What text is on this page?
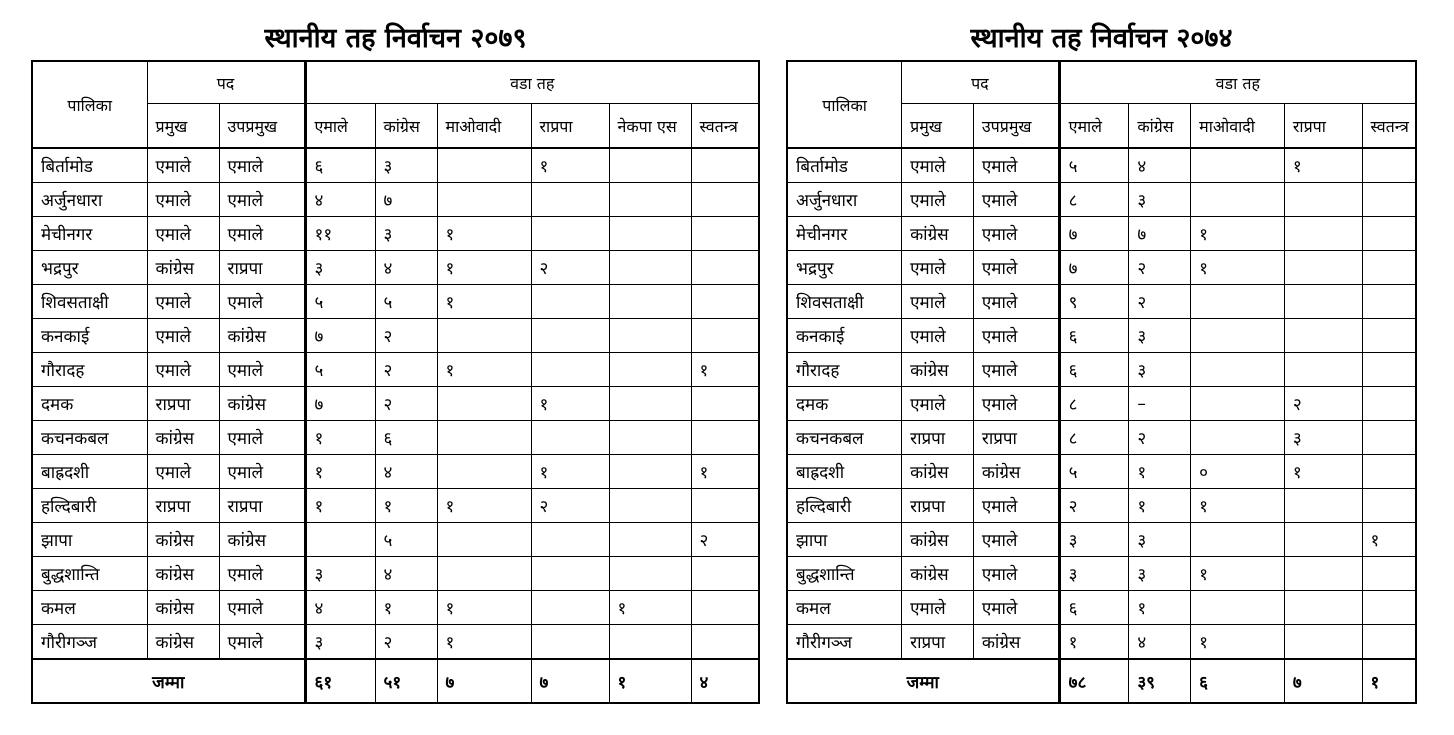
स्थानीय तह निर्वाचन २०७९
पालिका	पद		वडा तह					
	प्रमुख	उपप्रमुख	एमाले	कांग्रेस	माओवादी	राप्रपा	नेकपा एस	स्वतन्त्र
बिर्तामोड	एमाले	एमाले	६	३		१		
अर्जुनधारा	एमाले	एमाले	४	७				
मेचीनगर	एमाले	एमाले	११	३	१			
भद्रपुर	कांग्रेस	राप्रपा	३	४	१	२		
शिवसताक्षी	एमाले	एमाले	५	५	१			
कनकाई	एमाले	कांग्रेस	७	२				
गौरादह	एमाले	एमाले	५	२	१			१
दमक	राप्रपा	कांग्रेस	७	२		१		
कचनकबल	कांग्रेस	एमाले	१	६				
बाह्रदशी	एमाले	एमाले	१	४		१		१
हल्दिबारी	राप्रपा	राप्रपा	१	१	१	२		
झापा	कांग्रेस	कांग्रेस		५				२
बुद्धशान्ति	कांग्रेस	एमाले	३	४				
कमल	कांग्रेस	एमाले	४	१	१		१	
गौरीगञ्ज	कांग्रेस	एमाले	३	२	१			
जम्मा			६१	५१	७	७	१	४
स्थानीय तह निर्वाचन २०७४
पालिका	पद		वडा तह				
	प्रमुख	उपप्रमुख	एमाले	कांग्रेस	माओवादी	राप्रपा	स्वतन्त्र
बिर्तामोड	एमाले	एमाले	५	४		१	
अर्जुनधारा	एमाले	एमाले	८	३			
मेचीनगर	कांग्रेस	एमाले	७	७	१		
भद्रपुर	एमाले	एमाले	७	२	१		
शिवसताक्षी	एमाले	एमाले	९	२			
कनकाई	एमाले	एमाले	६	३			
गौरादह	कांग्रेस	एमाले	६	३			
दमक	एमाले	एमाले	८	–		२	
कचनकबल	राप्रपा	राप्रपा	८	२		३	
बाह्रदशी	कांग्रेस	कांग्रेस	५	१	०	१	
हल्दिबारी	राप्रपा	एमाले	२	१	१		
झापा	कांग्रेस	एमाले	३	३			१
बुद्धशान्ति	कांग्रेस	एमाले	३	३	१		
कमल	एमाले	एमाले	६	१			
गौरीगञ्ज	राप्रपा	कांग्रेस	१	४	१		
जम्मा			७८	३९	६	७	१
